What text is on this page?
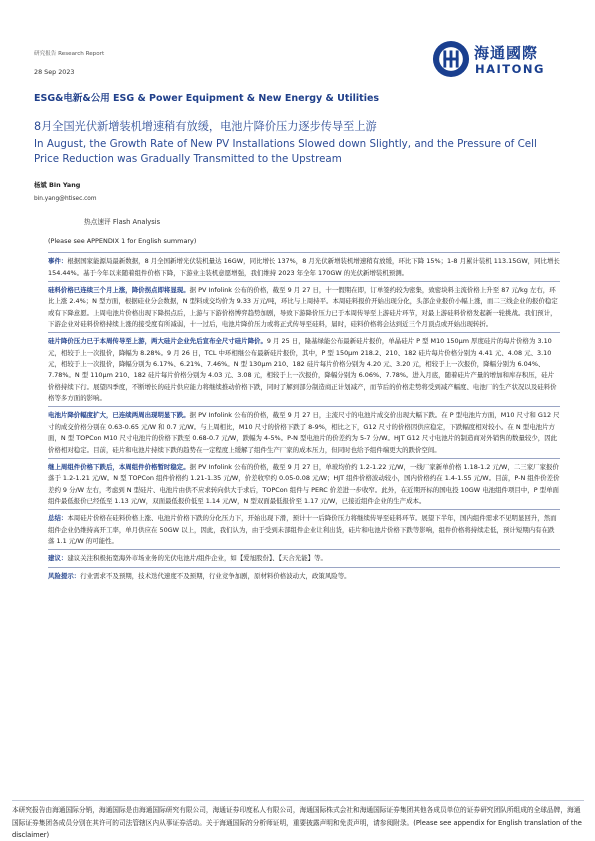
研究报告 Research Report
28 Sep 2023
海通國際
HAITONG
ESG&电新&公用 ESG & Power Equipment & New Energy & Utilities
8月全国光伏新增装机增速稍有放缓，电池片降价压力逐步传导至上游
In August, the Growth Rate of New PV Installations Slowed down Slightly, and the Pressure of Cell Price Reduction was Gradually Transmitted to the Upstream
杨斌 Bin Yang
bin.yang@htisec.com
热点速评 Flash Analysis

(Please see APPENDIX 1 for English summary)

事件：根据国家能源局最新数据，8 月全国新增光伏装机量达 16GW，同比增长 137%，8 月光伏新增装机增速稍有放缓，环比下降 15%；1-8 月累计装机 113.15GW，同比增长 154.44%。基于今年以来随着组件价格下降，下游业主装机意愿增强，我们维持 2023 年全年 170GW 的光伏新增装机预测。
硅料价格已连续三个月上涨，降价拐点即将显现。据 PV Infolink 公布的价格，截至 9 月 27 日，十一假期在即，订单签约较为密集，致密块料主流价格上升至 87 元/kg 左右，环比上涨 2.4%；N 型方面，根据硅业分会数据，N 型料成交均价为 9.33 万元/吨，环比与上周持平。本周硅料报价开始出现分化，头部企业报价小幅上涨，而二三线企业的报价稳定或有下降意愿。上周电池片价格出现下降拐点后，上游与下游价格博弈趋势加剧，导致下游降价压力已于本周传导至上游硅片环节，对最上游硅料价格发起新一轮挑战。我们预计，下游企业对硅料价格持续上涨的接受度有所减弱，十一过后，电池片降价压力或将正式传导至硅料，届时，硅料价格将会达到近三个月顶点或开始出现转折。
硅片降价压力已于本周传导至上游，两大硅片企业先后宣布全尺寸硅片降价。9 月 25 日，隆基绿能公布最新硅片报价，单晶硅片 P 型 M10 150μm 厚度硅片的每片价格为 3.10 元，相较于上一次报价，降幅为 8.28%。9 月 26 日，TCL 中环相继公布最新硅片报价，其中，P 型 150μm 218.2、210、182 硅片每片价格分别为 4.41 元、4.08 元、3.10 元，相较于上一次报价，降幅分别为 6.17%、6.21%、7.46%。N 型 130μm 210、182 硅片每片价格分别为 4.20 元、3.20 元，相较于上一次报价，降幅分别为 6.04%、7.78%。N 型 110μm 210、182 硅片每片价格分别为 4.03 元、3.08 元，相较于上一次报价，降幅分别为 6.06%、7.78%。进入月底，随着硅片产量的增加和库存积压，硅片价格持续下行。展望四季度，不断增长的硅片供应能力将继续推动价格下跌，同时了解到部分制造商正计划减产，而节后的价格走势将受到减产幅度、电池厂的生产状况以及硅料价格等多方面的影响。
电池片降价幅度扩大，已连续两周出现明显下跌。据 PV Infolink 公布的价格，截至 9 月 27 日，主流尺寸的电池片成交价出现大幅下跌。在 P 型电池片方面，M10 尺寸和 G12 尺寸的成交价格分别在 0.63-0.65 元/W 和 0.7 元/W。与上周相比，M10 尺寸的价格下跌了 8-9%，相比之下，G12 尺寸的价格因供应稳定，下跌幅度相对较小。在 N 型电池片方面，N 型 TOPCon M10 尺寸电池片的价格下跌至 0.68-0.7 元/W，跌幅为 4-5%。P-N 型电池片的价差约为 5-7 分/W。HJT G12 尺寸电池片的制造商对外销售的数量较少，因此价格相对稳定。目前，硅片和电池片持续下跌的趋势在一定程度上缓解了组件生产厂家的成本压力，但同时也给予组件端更大的跌价空间。
继上周组件价格下跌后，本周组件价格暂时稳定。据 PV Infolink 公布的价格，截至 9 月 27 日，单玻均价约 1.2-1.22 元/W，一线厂家新单价格 1.18-1.2 元/W，二三家厂家报价落于 1.2-1.21 元/W。N 型 TOPCon 组件价格约 1.21-1.35 元/W，价差收窄约 0.05-0.08 元/W；HJT 组件价格波动较小，国内价格约在 1.4-1.55 元/W。目前，P-N 组件价差价差约 9 分/W 左右，考虑到 N 型硅片、电池片由供不应求转向供大于求后，TOPCon 组件与 PERC 价差进一步收窄。此外，在近期开标的国电投 10GW 电池组件项目中，P 型单面组件最低报价已经低至 1.13 元/W，双面最低报价低至 1.14 元/W，N 型双面最低报价至 1.17 元/W，已接近组件企业的生产成本。
总结：本周硅片价格在硅料价格上涨、电池片价格下跌的分化压力下，开始出现下滑，预计十一后降价压力将继续传导至硅料环节。展望下半年，国内组件需求不见明显回升，然而组件企业仍维持高开工率，单月供应在 50GW 以上，因此，我们认为，由于受到未部组件企业让利出货，硅片和电池片价格下跌等影响，组件价格将持续走低，预计短期内有在跌落 1.1 元/W 的可能性。
建议：建议关注积极拓宽海外市场业务的光伏电池片/组件企业，如【爱旭股份】、【天合光能】等。
风险提示：行业需求不及预期，技术迭代速度不及预期，行业竞争加剧，原材料价格波动大，政策风险等。
本研究报告由海通国际分销，海通国际是由海通国际研究有限公司，海通证券印度私人有限公司，海通国际株式会社和海通国际证券集团其他各成员单位的证券研究团队所组成的全球品牌，海通国际证券集团各成员分别在其许可的司法管辖区内从事证券活动。关于海通国际的分析师证明，重要披露声明和免责声明，请参阅附录。(Please see appendix for English translation of the disclaimer)
